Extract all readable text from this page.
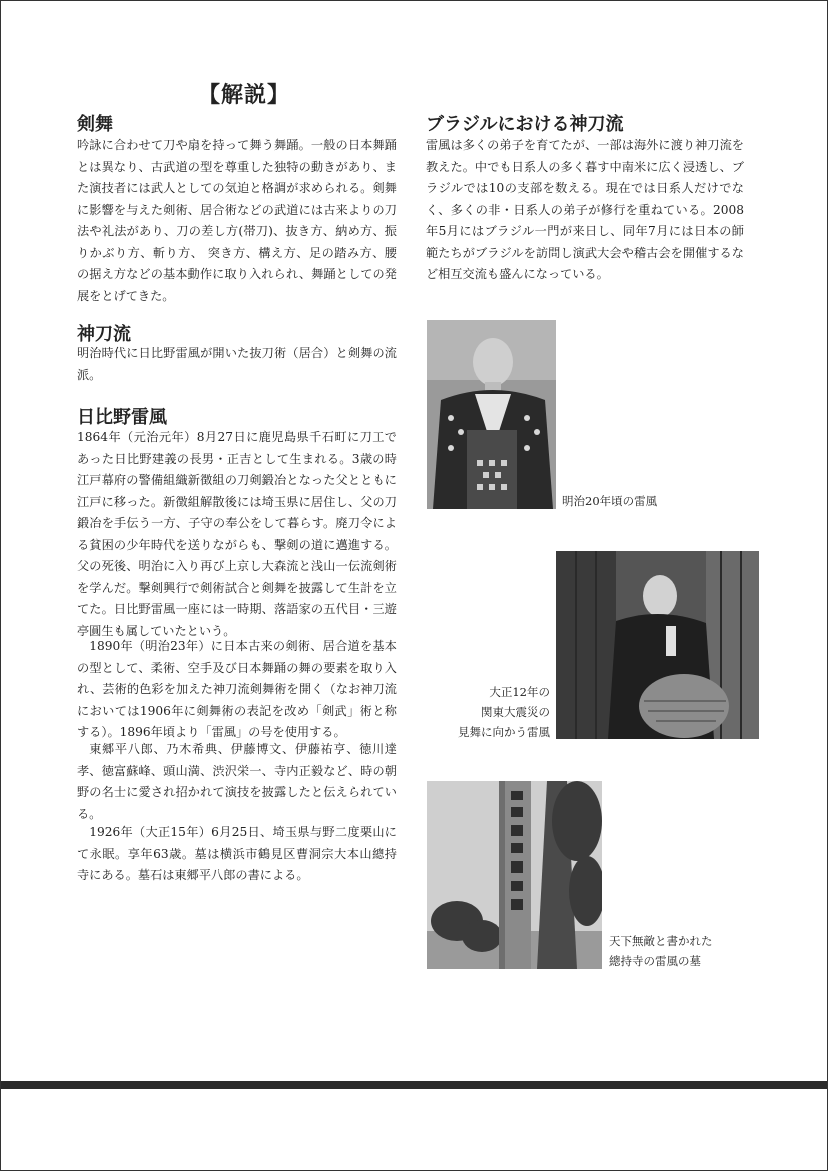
【解説】
剣舞

吟詠に合わせて刀や扇を持って舞う舞踊。一般の日本舞踊とは異なり、古武道の型を尊重した独特の動きがあり、また演技者には武人としての気迫と格調が求められる。剣舞に影響を与えた剣術、居合術などの武道には古来よりの刀法や礼法があり、刀の差し方(帯刀)、抜き方、納め方、振りかぶり方、斬り方、 突き方、構え方、足の踏み方、腰の据え方などの基本動作に取り入れられ、舞踊としての発展をとげてきた。

神刀流

明治時代に日比野雷風が開いた抜刀術（居合）と剣舞の流派。

日比野雷風

1864年（元治元年）8月27日に鹿児島県千石町に刀工であった日比野建義の長男・正吉として生まれる。3歳の時江戸幕府の警備組織新徴組の刀剣鍛冶となった父とともに江戸に移った。新徴組解散後には埼玉県に居住し、父の刀鍛冶を手伝う一方、子守の奉公をして暮らす。廃刀令による貧困の少年時代を送りながらも、撃剣の道に邁進する。父の死後、明治に入り再び上京し大森流と浅山一伝流剣術を学んだ。撃剣興行で剣術試合と剣舞を披露して生計を立てた。日比野雷風一座には一時期、落語家の五代目・三遊亭圓生も属していたという。

1890年（明治23年）に日本古来の剣術、居合道を基本の型として、柔術、空手及び日本舞踊の舞の要素を取り入れ、芸術的色彩を加えた神刀流剣舞術を開く（なお神刀流においては1906年に剣舞術の表記を改め「剣武」術と称する）。1896年頃より「雷風」の号を使用する。

東郷平八郎、乃木希典、伊藤博文、伊藤祐亨、徳川達孝、徳富蘇峰、頭山満、渋沢栄一、寺内正毅など、時の朝野の名士に愛され招かれて演技を披露したと伝えられている。

1926年（大正15年）6月25日、埼玉県与野二度栗山にて永眠。享年63歳。墓は横浜市鶴見区曹洞宗大本山總持寺にある。墓石は東郷平八郎の書による。

ブラジルにおける神刀流

雷風は多くの弟子を育てたが、一部は海外に渡り神刀流を教えた。中でも日系人の多く暮す中南米に広く浸透し、ブラジルでは10の支部を数える。現在では日系人だけでなく、多くの非・日系人の弟子が修行を重ねている。2008年5月にはブラジル一門が来日し、同年7月には日本の師範たちがブラジルを訪問し演武大会や稽古会を開催するなど相互交流も盛んになっている。

明治20年頃の雷風
大正12年の
関東大震災の
見舞に向かう雷風
天下無敵と書かれた
總持寺の雷風の墓
